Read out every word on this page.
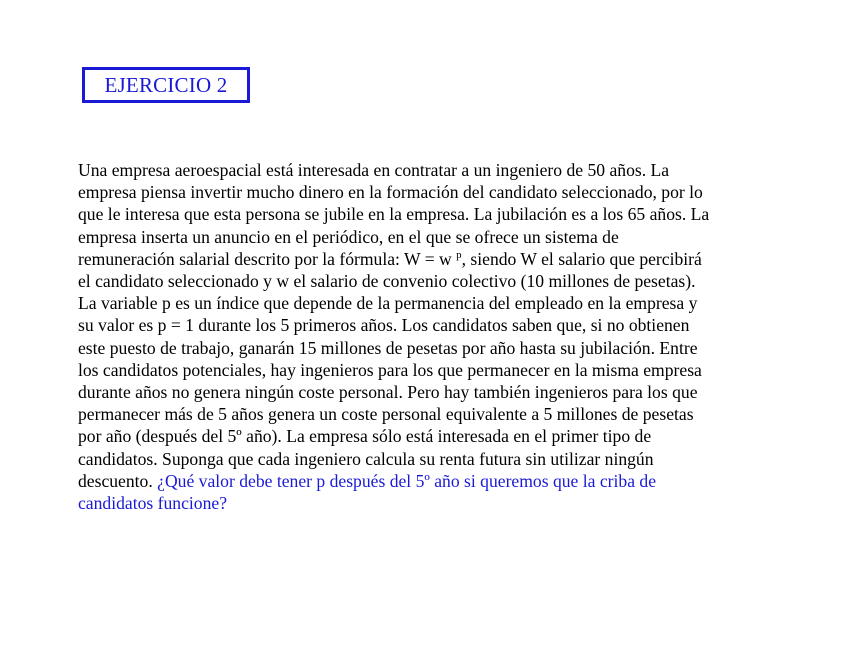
EJERCICIO 2
Una empresa aeroespacial está interesada en contratar a un ingeniero de 50 años. La
empresa piensa invertir mucho dinero en la formación del candidato seleccionado, por lo
que le interesa que esta persona se jubile en la empresa. La jubilación es a los 65 años. La
empresa inserta un anuncio en el periódico, en el que se ofrece un sistema de
remuneración salarial descrito por la fórmula: W = w $^p$, siendo W el salario que percibirá
el candidato seleccionado y w el salario de convenio colectivo (10 millones de pesetas).
La variable p es un índice que depende de la permanencia del empleado en la empresa y
su valor es p = 1 durante los 5 primeros años. Los candidatos saben que, si no obtienen
este puesto de trabajo, ganarán 15 millones de pesetas por año hasta su jubilación. Entre
los candidatos potenciales, hay ingenieros para los que permanecer en la misma empresa
durante años no genera ningún coste personal. Pero hay también ingenieros para los que
permanecer más de 5 años genera un coste personal equivalente a 5 millones de pesetas
por año (después del 5º año). La empresa sólo está interesada en el primer tipo de
candidatos. Suponga que cada ingeniero calcula su renta futura sin utilizar ningún
descuento. ¿Qué valor debe tener p después del 5º año si queremos que la criba de
candidatos funcione?
